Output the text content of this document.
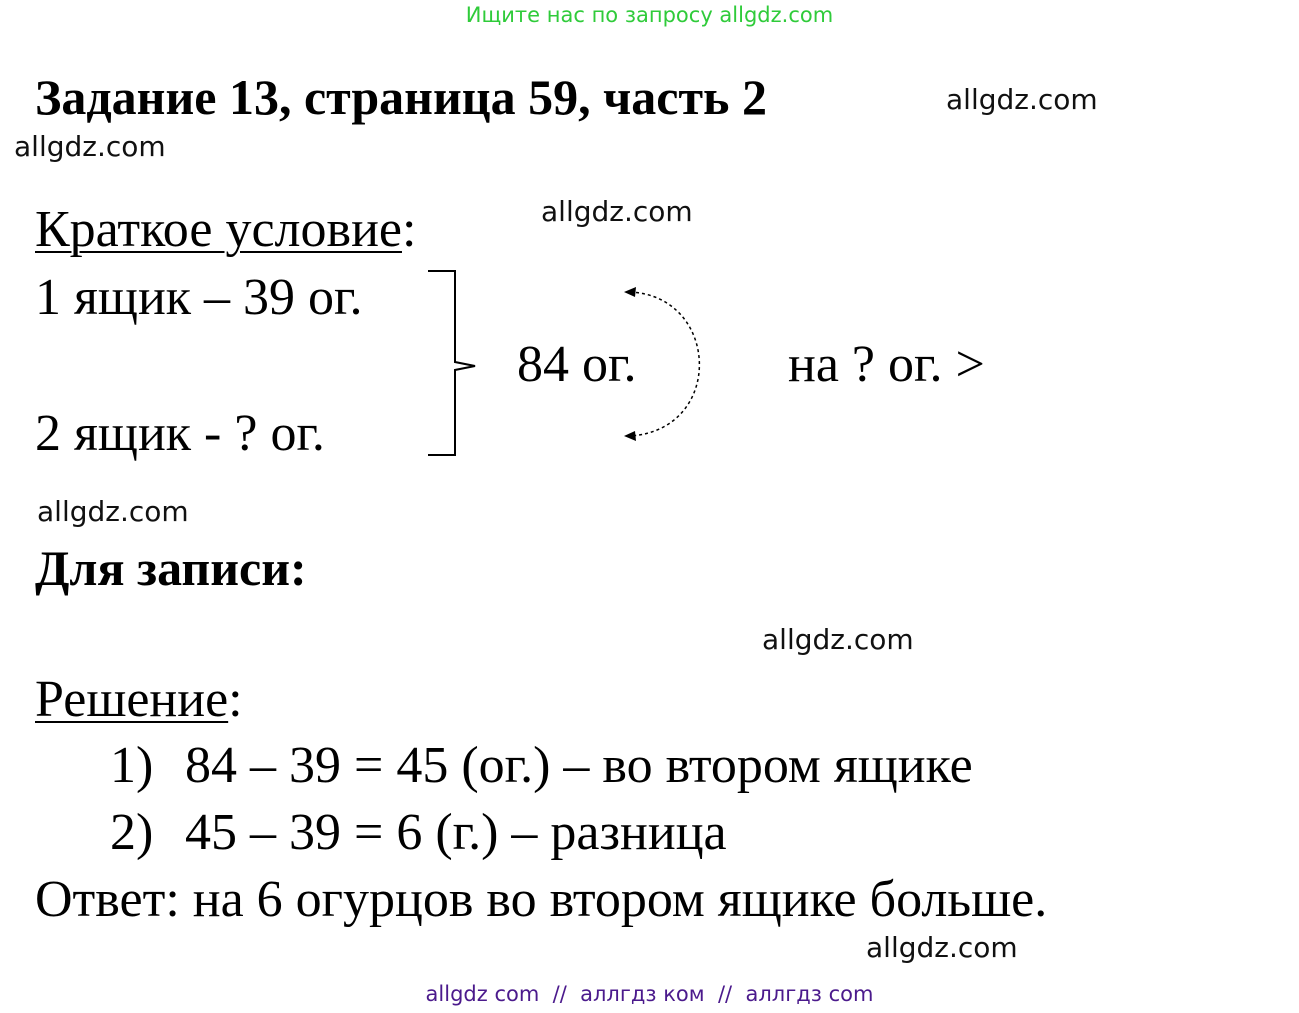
Ищите нас по запросу allgdz.com
Задание 13, страница 59, часть 2	allgdz.com
allgdz.com
allgdz.com
allgdz.com
allgdz.com
allgdz.com
Краткое условие:
1 ящик – 39 ог.
2 ящик - ? ог.
84 ог.	на ? ог. >
Для записи:
Решение:
1) 84 – 39 = 45 (ог.) – во втором ящике
2) 45 – 39 = 6 (г.) – разница
Ответ: на 6 огурцов во втором ящике больше.
allgdz com  //  аллгдз ком  //  аллгдз com
